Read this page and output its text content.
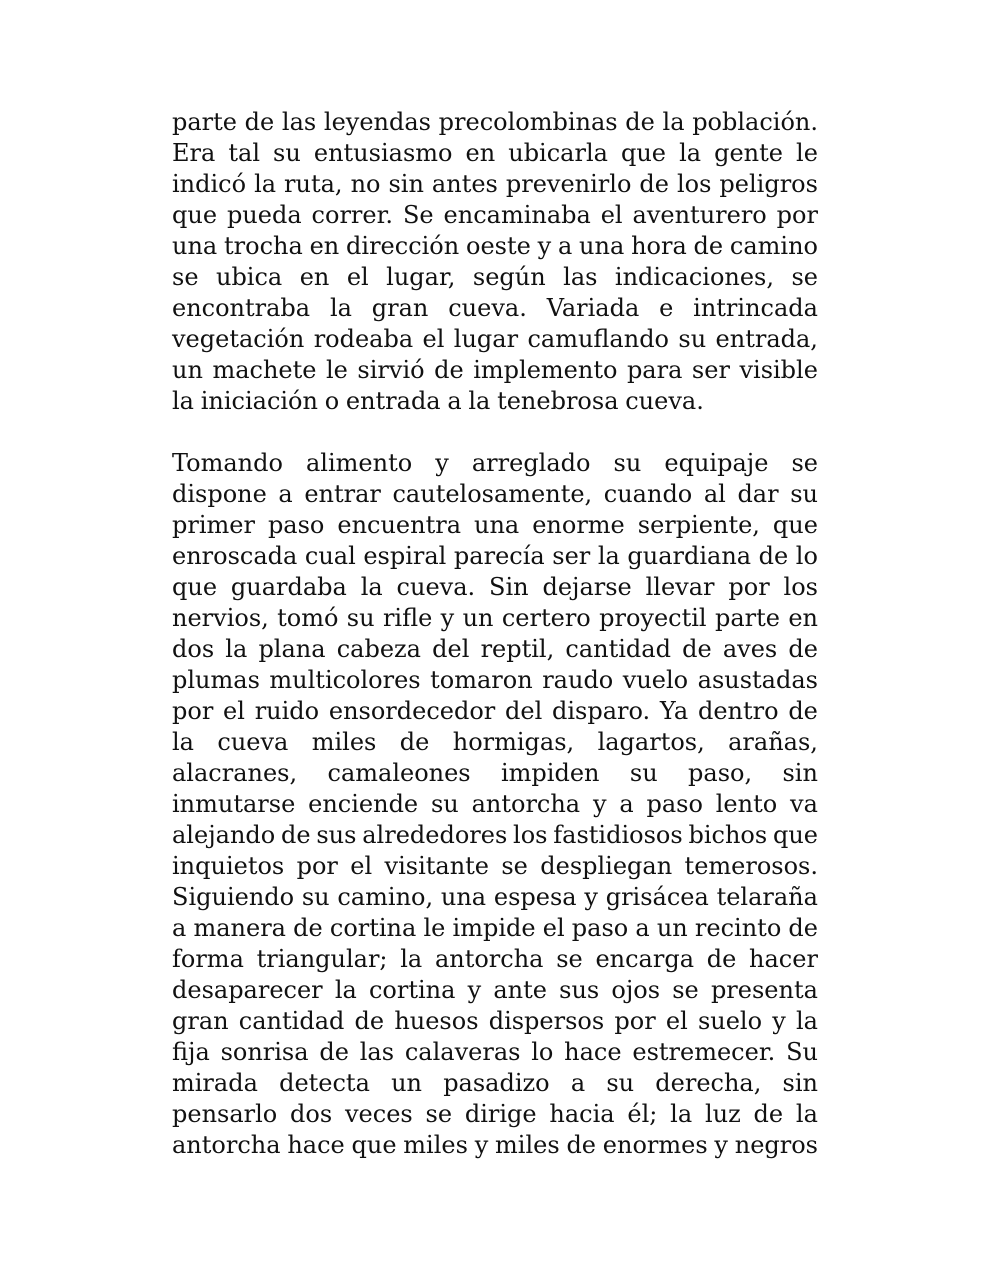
parte de las leyendas precolombinas de la población.
Era tal su entusiasmo en ubicarla que la gente le
indicó la ruta, no sin antes prevenirlo de los peligros
que pueda correr. Se encaminaba el aventurero por
una trocha en dirección oeste y a una hora de camino
se ubica en el lugar, según las indicaciones, se
encontraba la gran cueva. Variada e intrincada
vegetación rodeaba el lugar camuflando su entrada,
un machete le sirvió de implemento para ser visible
la iniciación o entrada a la tenebrosa cueva.
Tomando alimento y arreglado su equipaje se
dispone a entrar cautelosamente, cuando al dar su
primer paso encuentra una enorme serpiente, que
enroscada cual espiral parecía ser la guardiana de lo
que guardaba la cueva. Sin dejarse llevar por los
nervios, tomó su rifle y un certero proyectil parte en
dos la plana cabeza del reptil, cantidad de aves de
plumas multicolores tomaron raudo vuelo asustadas
por el ruido ensordecedor del disparo. Ya dentro de
la cueva miles de hormigas, lagartos, arañas,
alacranes, camaleones impiden su paso, sin
inmutarse enciende su antorcha y a paso lento va
alejando de sus alrededores los fastidiosos bichos que
inquietos por el visitante se despliegan temerosos.
Siguiendo su camino, una espesa y grisácea telaraña
a manera de cortina le impide el paso a un recinto de
forma triangular; la antorcha se encarga de hacer
desaparecer la cortina y ante sus ojos se presenta
gran cantidad de huesos dispersos por el suelo y la
fija sonrisa de las calaveras lo hace estremecer. Su
mirada detecta un pasadizo a su derecha, sin
pensarlo dos veces se dirige hacia él; la luz de la
antorcha hace que miles y miles de enormes y negros
